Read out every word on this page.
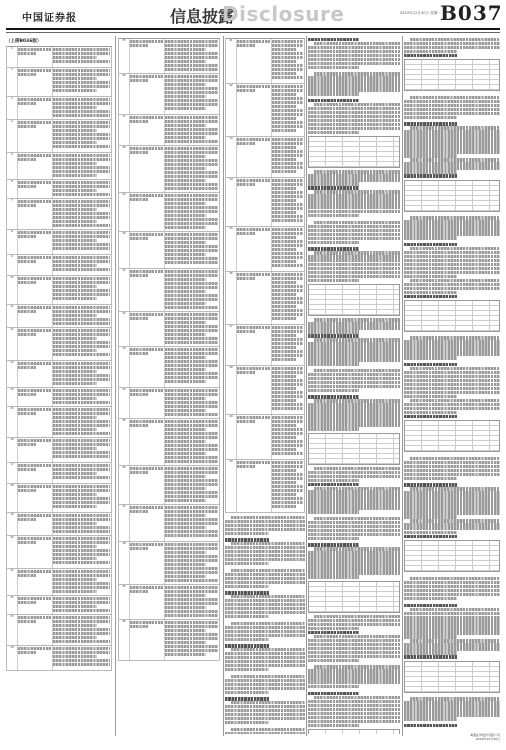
中国证券报	信息披露
Disclosure	2019年12月30日 星期一 B037
（上接B036版）
1
2
3
4
5
6
7
8
9
10
11
12
13
14
15
16
17
18
19
20
21
22
23
24
25
26
27
28
29
30
31
32
33
34
35
36
37
38
39
40
41
42
43
44
45
46
47
48
49
50
海通证券股份有限公司
2019年12月30日
